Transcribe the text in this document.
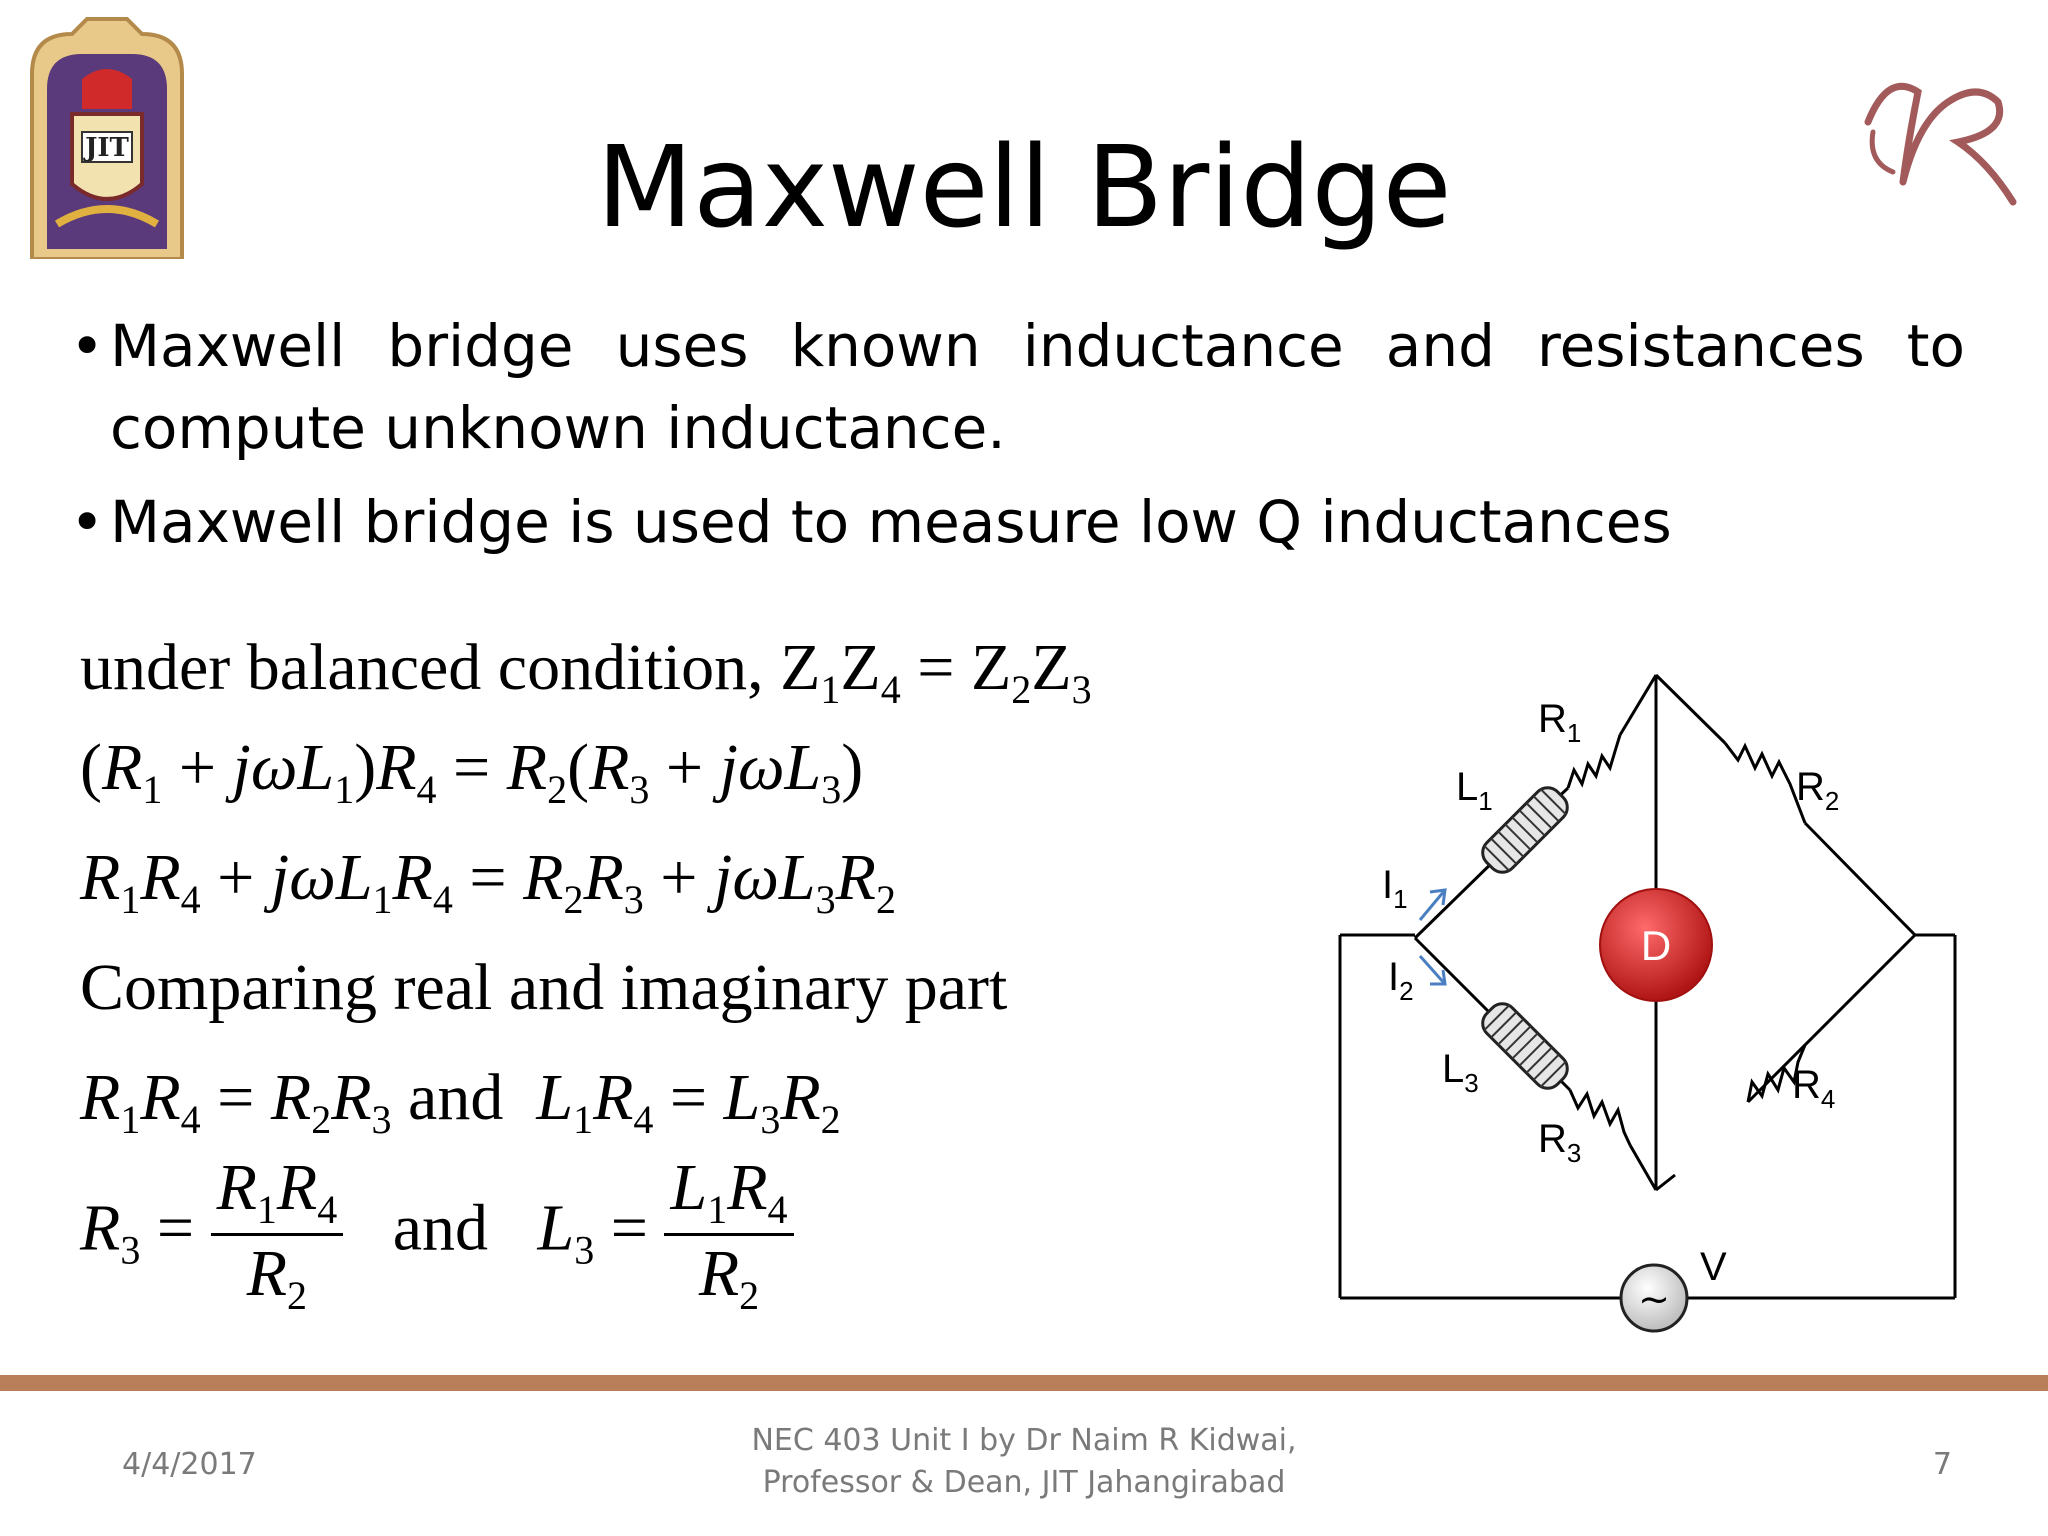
JIT	Maxwell Bridge
• Maxwell bridge uses known inductance and resistances to compute unknown inductance.
• Maxwell bridge is used to measure low Q inductances
under balanced condition, $Z_1Z_4 = Z_2Z_3$
$(R_1 + j\omega L_1)R_4 = R_2(R_3 + j\omega L_3)$
$R_1R_4 + j\omega L_1R_4 = R_2R_3 + j\omega L_3R_2$
Comparing real and imaginary part
$R_1R_4 = R_2R_3$ and $L_1R_4 = L_3R_2$
$R_3 = \frac{R_1R_4}{R_2}$ and $L_3 = \frac{L_1R_4}{R_2}$
D
~
$R_1$
$R_2$
$R_3$
$R_4$
$L_1$
$L_3$
$I_1$
$I_2$
V
4/4/2017
NEC 403 Unit I by Dr Naim R Kidwai,
Professor & Dean, JIT Jahangirabad
7
